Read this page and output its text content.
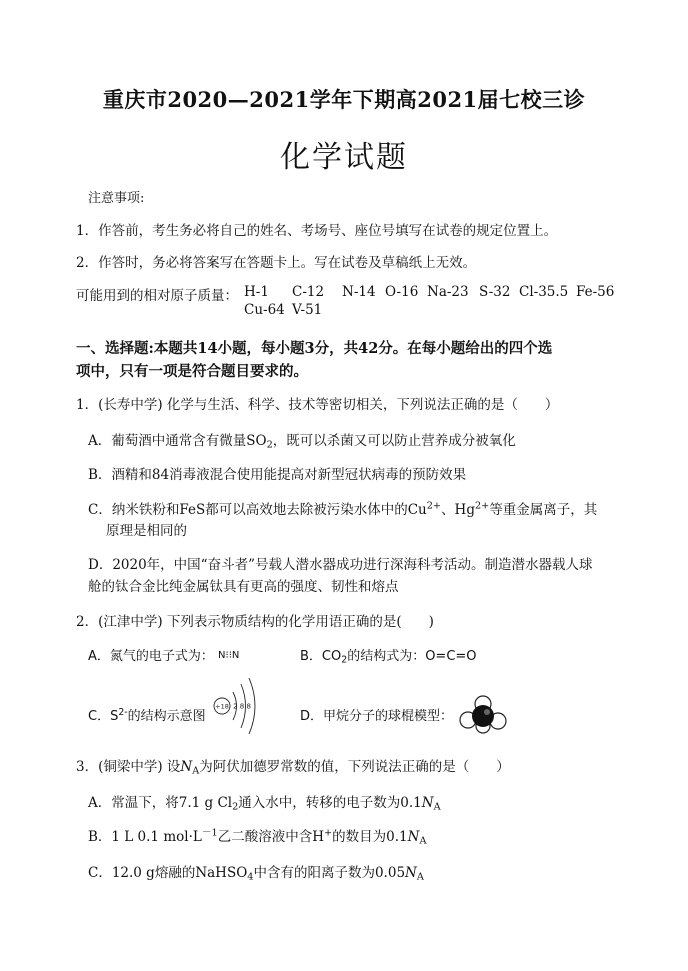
重庆市2020—2021学年下期高2021届七校三诊
化学试题
注意事项:
1．作答前，考生务必将自己的姓名、考场号、座位号填写在试卷的规定位置上。
2．作答时，务必将答案写在答题卡上。写在试卷及草稿纸上无效。
可能用到的相对原子质量： H-1 C-12 N-14 O-16 Na-23 S-32 Cl-35.5 Fe-56
Cu-64 V-51
一、选择题:本题共14小题，每小题3分，共42分。在每小题给出的四个选
项中，只有一项是符合题目要求的。
1．(长寿中学) 化学与生活、科学、技术等密切相关，下列说法正确的是（　　）
A．葡萄酒中通常含有微量$SO_2$，既可以杀菌又可以防止营养成分被氧化
B．酒精和84消毒液混合使用能提高对新型冠状病毒的预防效果
C．纳米铁粉和FeS都可以高效地去除被污染水体中的$Cu^{2+}$、$Hg^{2+}$等重金属离子，其
原理是相同的
D．2020年，中国“奋斗者”号载人潜水器成功进行深海科考活动。制造潜水器载人球
舱的钛合金比纯金属钛具有更高的强度、韧性和熔点
2．(江津中学) 下列表示物质结构的化学用语正确的是(　　)
A．氮气的电子式为： N⁝⁝N	B．$CO_2$的结构式为：O=C=O
C．$S^{2-}$的结构示意图
+18 2 8 8
D．甲烷分子的球棍模型：
3．(铜梁中学) 设$N_A$为阿伏加德罗常数的值，下列说法正确的是（　　）
A．常温下，将7.1 g $Cl_2$通入水中，转移的电子数为$0.1N_A$
B．1 L 0.1 $mol\cdot L^{-1}$乙二酸溶液中含H+的数目为$0.1N_A$
C．12.0 g熔融的NaHSO$_4$中含有的阳离子数为$0.05N_A$
